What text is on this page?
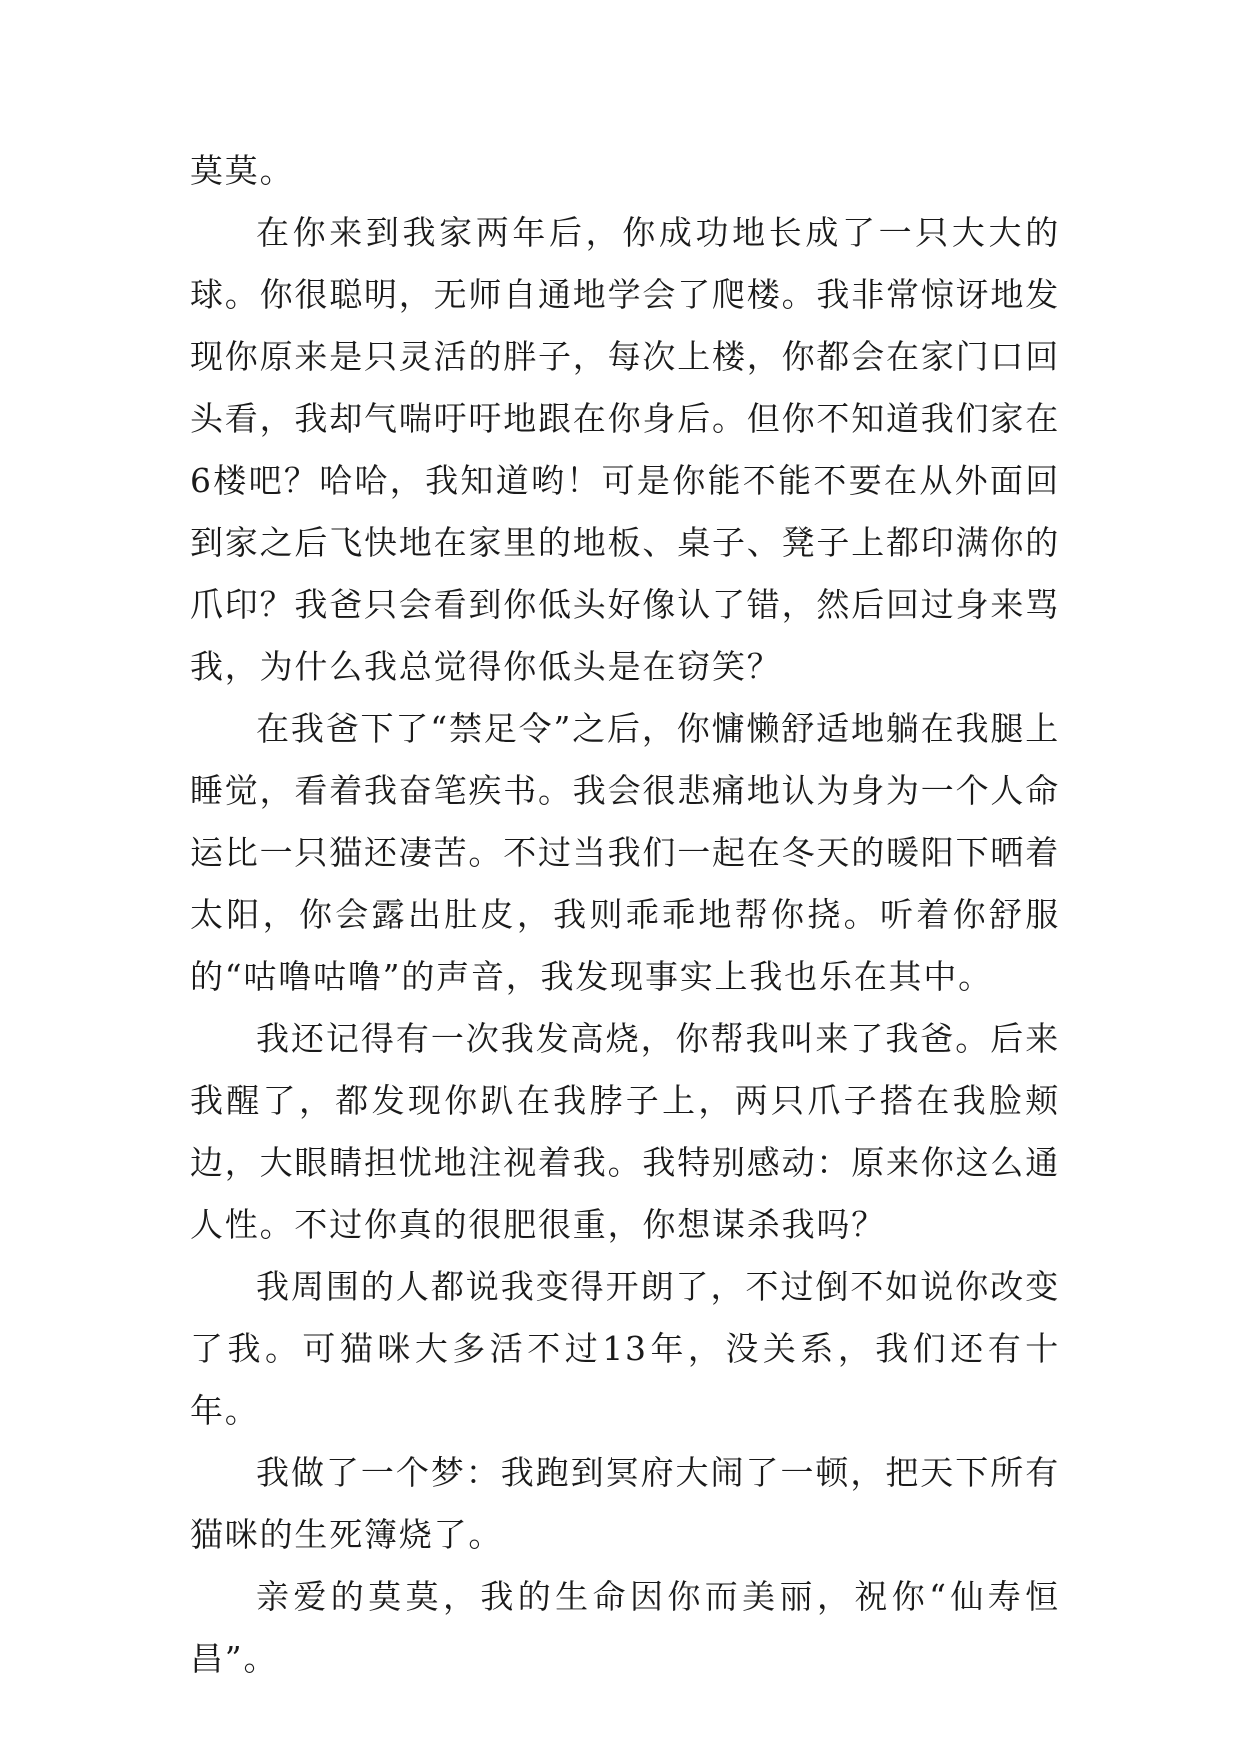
莫莫。

在你来到我家两年后，你成功地长成了一只大大的球。你很聪明，无师自通地学会了爬楼。我非常惊讶地发现你原来是只灵活的胖子，每次上楼，你都会在家门口回头看，我却气喘吁吁地跟在你身后。但你不知道我们家在6楼吧？哈哈，我知道哟！可是你能不能不要在从外面回到家之后飞快地在家里的地板、桌子、凳子上都印满你的爪印？我爸只会看到你低头好像认了错，然后回过身来骂我，为什么我总觉得你低头是在窃笑？

在我爸下了“禁足令”之后，你慵懒舒适地躺在我腿上睡觉，看着我奋笔疾书。我会很悲痛地认为身为一个人命运比一只猫还凄苦。不过当我们一起在冬天的暖阳下晒着太阳，你会露出肚皮，我则乖乖地帮你挠。听着你舒服的“咕噜咕噜”的声音，我发现事实上我也乐在其中。

我还记得有一次我发高烧，你帮我叫来了我爸。后来我醒了，都发现你趴在我脖子上，两只爪子搭在我脸颊边，大眼睛担忧地注视着我。我特别感动：原来你这么通人性。不过你真的很肥很重，你想谋杀我吗？

我周围的人都说我变得开朗了，不过倒不如说你改变了我。可猫咪大多活不过13年，没关系，我们还有十年。

我做了一个梦：我跑到冥府大闹了一顿，把天下所有猫咪的生死簿烧了。

亲爱的莫莫，我的生命因你而美丽，祝你“仙寿恒昌”。
